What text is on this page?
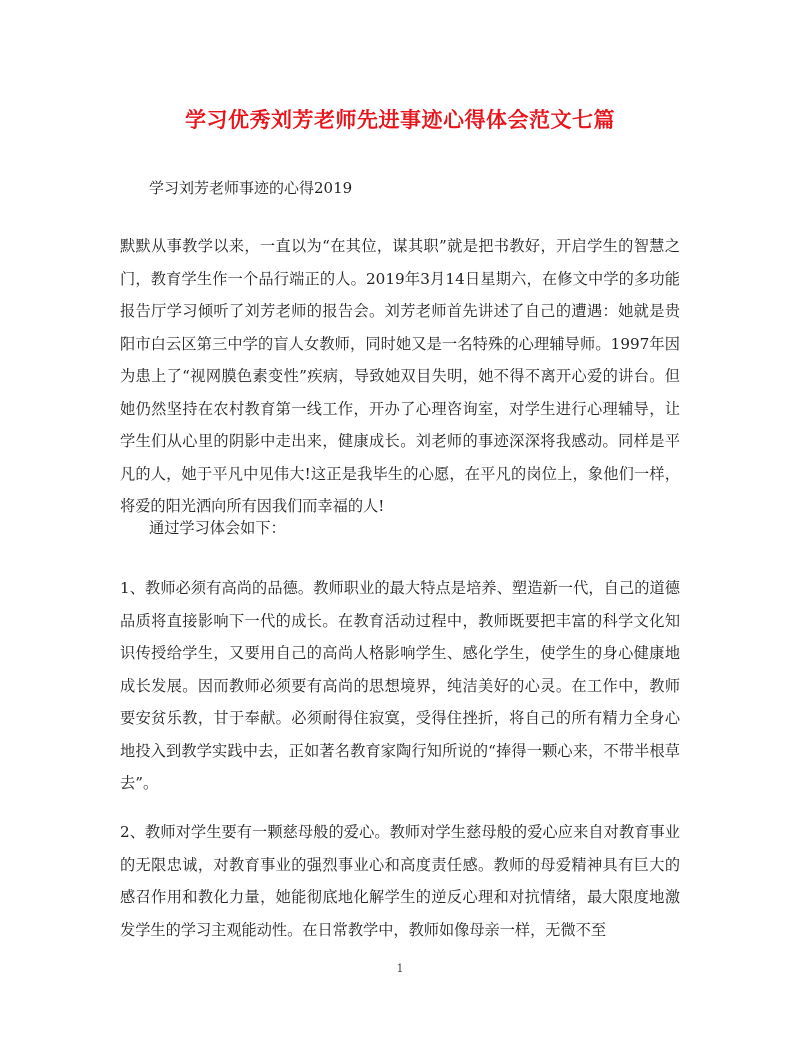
学习优秀刘芳老师先进事迹心得体会范文七篇
学习刘芳老师事迹的心得2019

默默从事教学以来，一直以为“在其位，谋其职”就是把书教好，开启学生的智慧之门，教育学生作一个品行端正的人。2019年3月14日星期六，在修文中学的多功能报告厅学习倾听了刘芳老师的报告会。刘芳老师首先讲述了自己的遭遇：她就是贵阳市白云区第三中学的盲人女教师，同时她又是一名特殊的心理辅导师。1997年因为患上了“视网膜色素变性”疾病，导致她双目失明，她不得不离开心爱的讲台。但她仍然坚持在农村教育第一线工作，开办了心理咨询室，对学生进行心理辅导，让学生们从心里的阴影中走出来，健康成长。刘老师的事迹深深将我感动。同样是平凡的人，她于平凡中见伟大!这正是我毕生的心愿，在平凡的岗位上，象他们一样，将爱的阳光洒向所有因我们而幸福的人!

通过学习体会如下：

1、教师必须有高尚的品德。教师职业的最大特点是培养、塑造新一代，自己的道德品质将直接影响下一代的成长。在教育活动过程中，教师既要把丰富的科学文化知识传授给学生，又要用自己的高尚人格影响学生、感化学生，使学生的身心健康地成长发展。因而教师必须要有高尚的思想境界，纯洁美好的心灵。在工作中，教师要安贫乐教，甘于奉献。必须耐得住寂寞，受得住挫折，将自己的所有精力全身心地投入到教学实践中去，正如著名教育家陶行知所说的“捧得一颗心来，不带半根草去”。

2、教师对学生要有一颗慈母般的爱心。教师对学生慈母般的爱心应来自对教育事业的无限忠诚，对教育事业的强烈事业心和高度责任感。教师的母爱精神具有巨大的感召作用和教化力量，她能彻底地化解学生的逆反心理和对抗情绪，最大限度地激发学生的学习主观能动性。在日常教学中，教师如像母亲一样，无微不至

1
